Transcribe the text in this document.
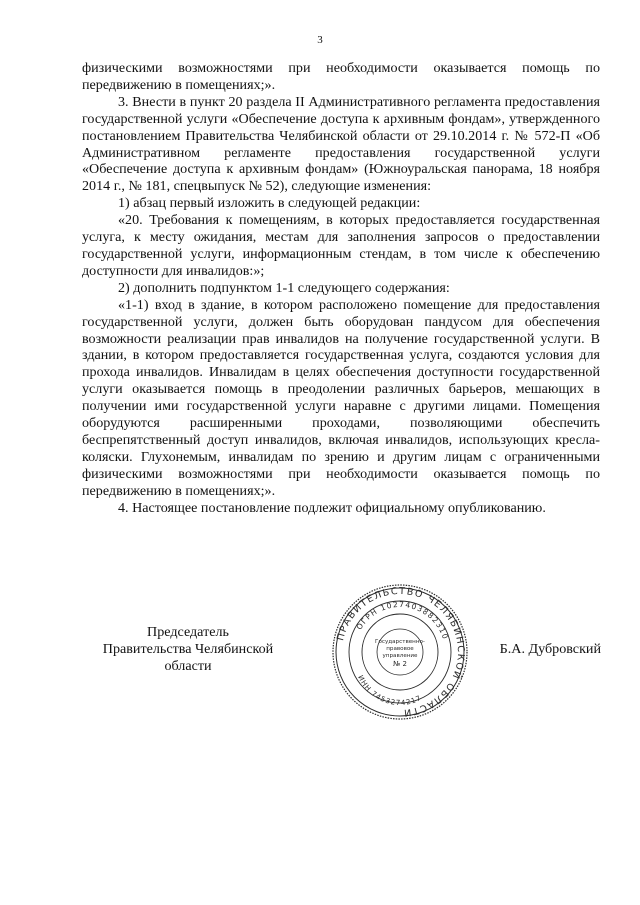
3

физическими возможностями при необходимости оказывается помощь по передвижению в помещениях;».

3. Внести в пункт 20 раздела II Административного регламента предоставления государственной услуги «Обеспечение доступа к архивным фондам», утвержденного постановлением Правительства Челябинской области от 29.10.2014 г. № 572-П «Об Административном регламенте предоставления государственной услуги «Обеспечение доступа к архивным фондам» (Южноуральская панорама, 18 ноября 2014 г., № 181, спецвыпуск № 52), следующие изменения:

1) абзац первый изложить в следующей редакции:

«20. Требования к помещениям, в которых предоставляется государственная услуга, к месту ожидания, местам для заполнения запросов о предоставлении государственной услуги, информационным стендам, в том числе к обеспечению доступности для инвалидов:»;

2) дополнить подпунктом 1-1 следующего содержания:

«1-1) вход в здание, в котором расположено помещение для предоставления государственной услуги, должен быть оборудован пандусом для обеспечения возможности реализации прав инвалидов на получение государственной услуги. В здании, в котором предоставляется государственная услуга, создаются условия для прохода инвалидов. Инвалидам в целях обеспечения доступности государственной услуги оказывается помощь в преодолении различных барьеров, мешающих в получении ими государственной услуги наравне с другими лицами. Помещения оборудуются расширенными проходами, позволяющими обеспечить беспрепятственный доступ инвалидов, включая инвалидов, использующих кресла-коляски. Глухонемым, инвалидам по зрению и другим лицам с ограниченными физическими возможностями при необходимости оказывается помощь по передвижению в помещениях;».

4. Настоящее постановление подлежит официальному опубликованию.

Председатель
Правительства Челябинской области
Б.А. Дубровский
ПРАВИТЕЛЬСТВО ЧЕЛЯБИНСКОЙ ОБЛАСТИ
ОГРН 1027403882310
ИНН 7453274217
Государственно-
правовое
управление
№ 2
